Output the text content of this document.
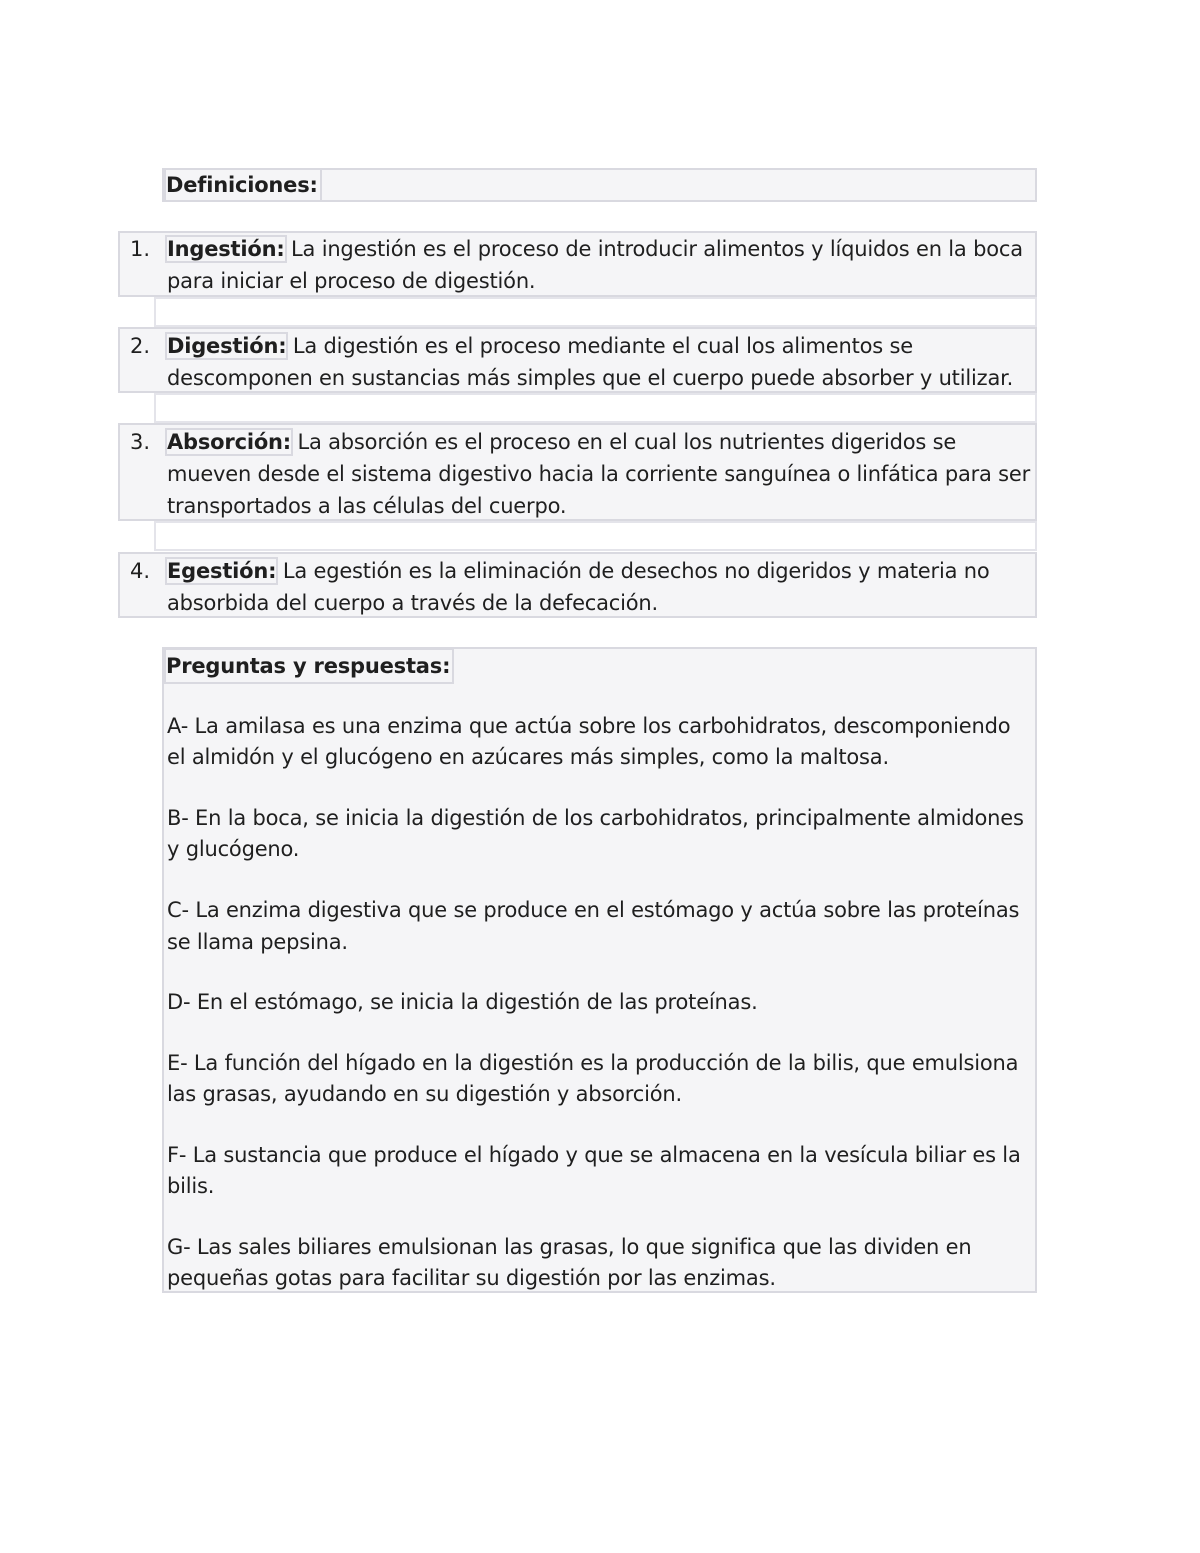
Definiciones:
1. Ingestión: La ingestión es el proceso de introducir alimentos y líquidos en la boca
para iniciar el proceso de digestión.
2. Digestión: La digestión es el proceso mediante el cual los alimentos se
descomponen en sustancias más simples que el cuerpo puede absorber y utilizar.
3. Absorción: La absorción es el proceso en el cual los nutrientes digeridos se
mueven desde el sistema digestivo hacia la corriente sanguínea o linfática para ser
transportados a las células del cuerpo.
4. Egestión: La egestión es la eliminación de desechos no digeridos y materia no
absorbida del cuerpo a través de la defecación.
Preguntas y respuestas:
A- La amilasa es una enzima que actúa sobre los carbohidratos, descomponiendo
el almidón y el glucógeno en azúcares más simples, como la maltosa.
B- En la boca, se inicia la digestión de los carbohidratos, principalmente almidones
y glucógeno.
C- La enzima digestiva que se produce en el estómago y actúa sobre las proteínas
se llama pepsina.
D- En el estómago, se inicia la digestión de las proteínas.
E- La función del hígado en la digestión es la producción de la bilis, que emulsiona
las grasas, ayudando en su digestión y absorción.
F- La sustancia que produce el hígado y que se almacena en la vesícula biliar es la
bilis.
G- Las sales biliares emulsionan las grasas, lo que significa que las dividen en
pequeñas gotas para facilitar su digestión por las enzimas.
